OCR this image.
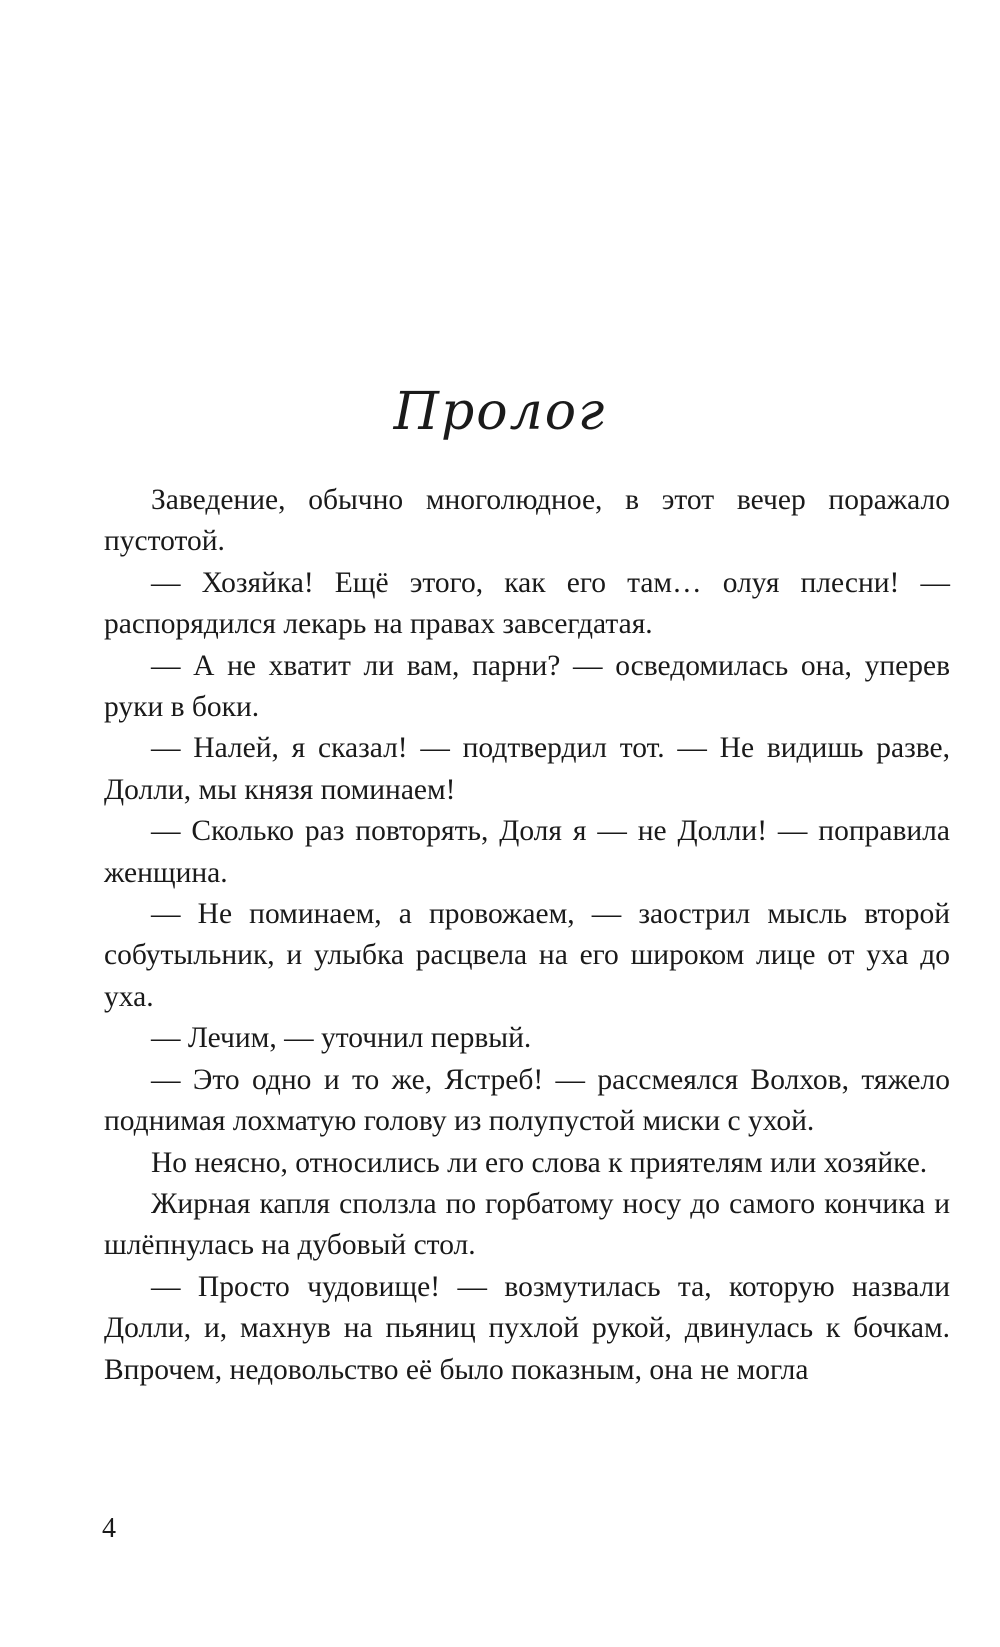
Пролог

Заведение, обычно многолюдное, в этот вечер поражало пустотой.

— Хозяйка! Ещё этого, как его там… олуя плесни! — распорядился лекарь на правах завсегдатая.

— А не хватит ли вам, парни? — осведомилась она, уперев руки в боки.

— Налей, я сказал! — подтвердил тот. — Не видишь разве, Долли, мы князя поминаем!

— Сколько раз повторять, Доля я — не Долли! — поправила женщина.

— Не поминаем, а провожаем, — заострил мысль второй собутыльник, и улыбка расцвела на его широком лице от уха до уха.

— Лечим, — уточнил первый.

— Это одно и то же, Ястреб! — рассмеялся Волхов, тяжело поднимая лохматую голову из полупустой миски с ухой.

Но неясно, относились ли его слова к приятелям или хозяйке.

Жирная капля сползла по горбатому носу до самого кончика и шлёпнулась на дубовый стол.

— Просто чудовище! — возмутилась та, которую назвали Долли, и, махнув на пьяниц пухлой рукой, двинулась к бочкам. Впрочем, недовольство её было показным, она не могла

4
